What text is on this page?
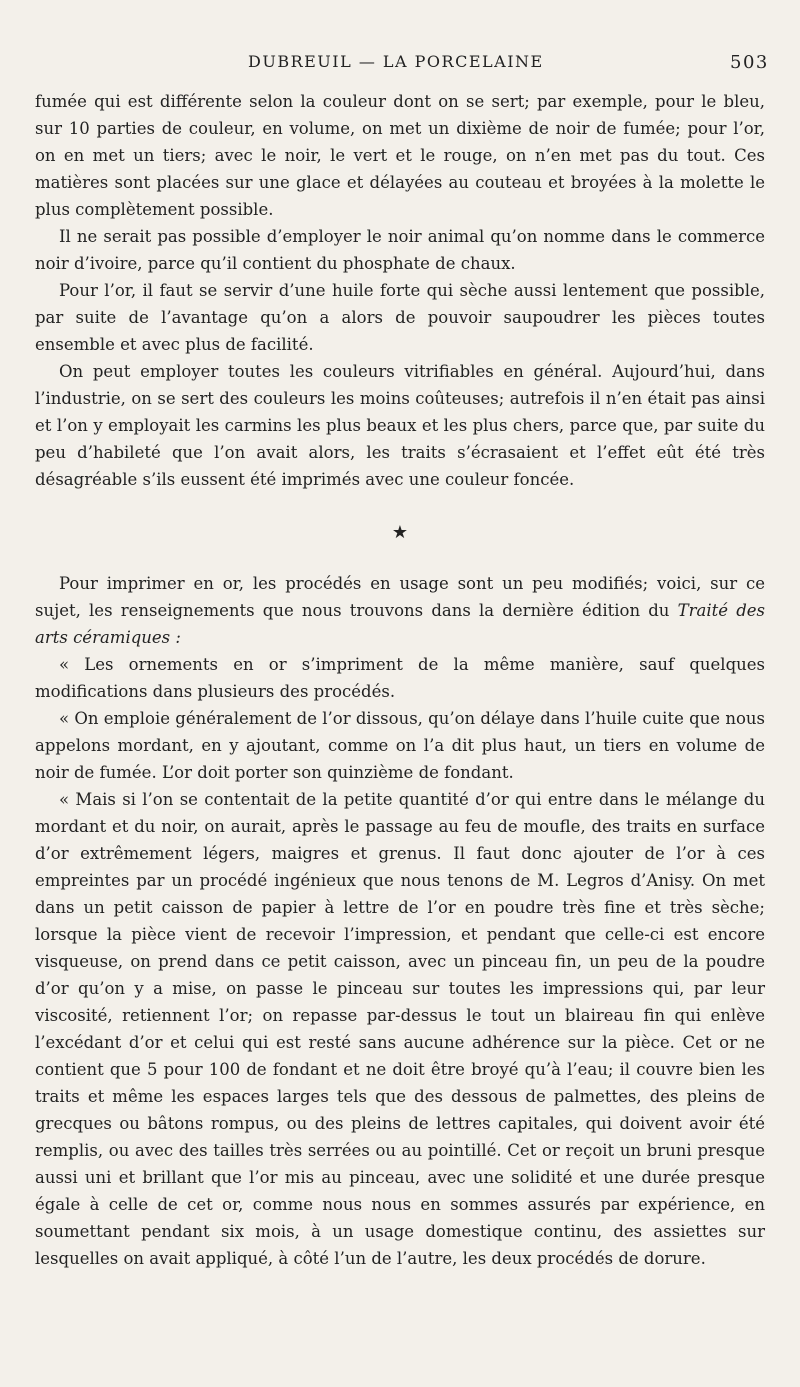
DUBREUIL — LA PORCELAINE	503

fumée qui est différente selon la couleur dont on se sert; par exemple, pour le bleu, sur 10 parties de couleur, en volume, on met un dixième de noir de fumée; pour l’or, on en met un tiers; avec le noir, le vert et le rouge, on n’en met pas du tout. Ces matières sont placées sur une glace et délayées au couteau et broyées à la molette le plus complètement possible.

Il ne serait pas possible d’employer le noir animal qu’on nomme dans le commerce noir d’ivoire, parce qu’il contient du phosphate de chaux.

Pour l’or, il faut se servir d’une huile forte qui sèche aussi lentement que possible, par suite de l’avantage qu’on a alors de pouvoir saupoudrer les pièces toutes ensemble et avec plus de facilité.

On peut employer toutes les couleurs vitrifiables en général. Aujourd’hui, dans l’industrie, on se sert des couleurs les moins coûteuses; autrefois il n’en était pas ainsi et l’on y employait les carmins les plus beaux et les plus chers, parce que, par suite du peu d’habileté que l’on avait alors, les traits s’écrasaient et l’effet eût été très désagréable s’ils eussent été imprimés avec une couleur foncée.

★

Pour imprimer en or, les procédés en usage sont un peu modifiés; voici, sur ce sujet, les renseignements que nous trouvons dans la dernière édition du Traité des arts céramiques :

« Les ornements en or s’impriment de la même manière, sauf quelques modifications dans plusieurs des procédés.

« On emploie généralement de l’or dissous, qu’on délaye dans l’huile cuite que nous appelons mordant, en y ajoutant, comme on l’a dit plus haut, un tiers en volume de noir de fumée. L’or doit porter son quinzième de fondant.

« Mais si l’on se contentait de la petite quantité d’or qui entre dans le mélange du mordant et du noir, on aurait, après le passage au feu de moufle, des traits en surface d’or extrêmement légers, maigres et grenus. Il faut donc ajouter de l’or à ces empreintes par un procédé ingénieux que nous tenons de M. Legros d’Anisy. On met dans un petit caisson de papier à lettre de l’or en poudre très fine et très sèche; lorsque la pièce vient de recevoir l’impression, et pendant que celle-ci est encore visqueuse, on prend dans ce petit caisson, avec un pinceau fin, un peu de la poudre d’or qu’on y a mise, on passe le pinceau sur toutes les impressions qui, par leur viscosité, retiennent l’or; on repasse par-dessus le tout un blaireau fin qui enlève l’excédant d’or et celui qui est resté sans aucune adhérence sur la pièce. Cet or ne contient que 5 pour 100 de fondant et ne doit être broyé qu’à l’eau; il couvre bien les traits et même les espaces larges tels que des dessous de palmettes, des pleins de grecques ou bâtons rompus, ou des pleins de lettres capitales, qui doivent avoir été remplis, ou avec des tailles très serrées ou au pointillé. Cet or reçoit un bruni presque aussi uni et brillant que l’or mis au pinceau, avec une solidité et une durée presque égale à celle de cet or, comme nous nous en sommes assurés par expérience, en soumettant pendant six mois, à un usage domestique continu, des assiettes sur lesquelles on avait appliqué, à côté l’un de l’autre, les deux procédés de dorure.
